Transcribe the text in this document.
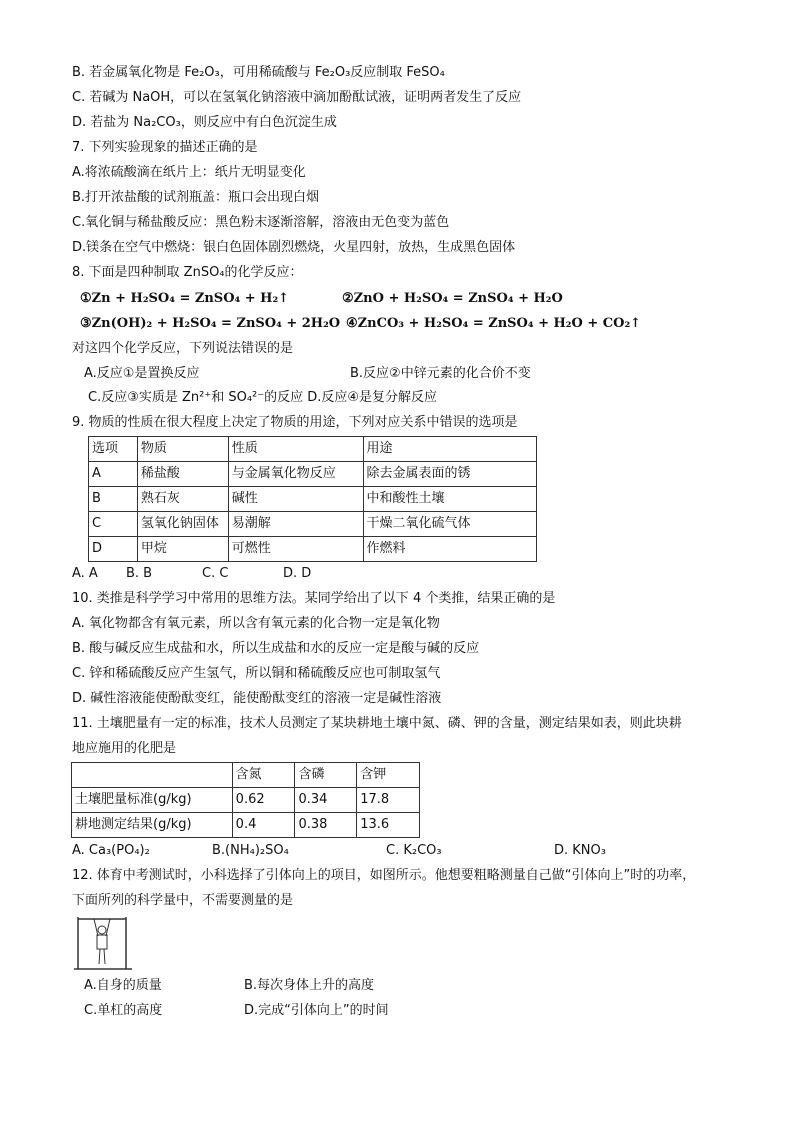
B. 若金属氧化物是 Fe₂O₃，可用稀硫酸与 Fe₂O₃反应制取 FeSO₄
C. 若碱为 NaOH，可以在氢氧化钠溶液中滴加酚酞试液，证明两者发生了反应
D. 若盐为 Na₂CO₃，则反应中有白色沉淀生成
7. 下列实验现象的描述正确的是
A.将浓硫酸滴在纸片上：纸片无明显变化
B.打开浓盐酸的试剂瓶盖：瓶口会出现白烟
C.氧化铜与稀盐酸反应：黑色粉末逐渐溶解，溶液由无色变为蓝色
D.镁条在空气中燃烧：银白色固体剧烈燃烧，火星四射，放热，生成黑色固体
8. 下面是四种制取 ZnSO₄的化学反应：
①Zn + H₂SO₄ = ZnSO₄ + H₂↑	②ZnO + H₂SO₄ = ZnSO₄ + H₂O
③Zn(OH)₂ + H₂SO₄ = ZnSO₄ + 2H₂O ④ZnCO₃ + H₂SO₄ = ZnSO₄ + H₂O + CO₂↑
对这四个化学反应，下列说法错误的是
A.反应①是置换反应	B.反应②中锌元素的化合价不变
C.反应③实质是 Zn²⁺和 SO₄²⁻的反应 D.反应④是复分解反应
9. 物质的性质在很大程度上决定了物质的用途，下列对应关系中错误的选项是
选项	物质	性质	用途
A	稀盐酸	与金属氧化物反应	除去金属表面的锈
B	熟石灰	碱性	中和酸性土壤
C	氢氧化钠固体	易潮解	干燥二氧化硫气体
D	甲烷	可燃性	作燃料
A. A B. B	C. C	D. D
10. 类推是科学学习中常用的思维方法。某同学给出了以下 4 个类推，结果正确的是
A. 氧化物都含有氧元素，所以含有氧元素的化合物一定是氧化物
B. 酸与碱反应生成盐和水，所以生成盐和水的反应一定是酸与碱的反应
C. 锌和稀硫酸反应产生氢气，所以铜和稀硫酸反应也可制取氢气
D. 碱性溶液能使酚酞变红，能使酚酞变红的溶液一定是碱性溶液
11. 土壤肥量有一定的标准，技术人员测定了某块耕地土壤中氮、磷、钾的含量，测定结果如表，则此块耕
地应施用的化肥是
	含氮	含磷	含钾
土壤肥量标准(g/kg)	0.62	0.34	17.8
耕地测定结果(g/kg)	0.4	0.38	13.6
A. Ca₃(PO₄)₂	B.(NH₄)₂SO₄	C. K₂CO₃	D. KNO₃
12. 体育中考测试时，小科选择了引体向上的项目，如图所示。他想要粗略测量自己做“引体向上”时的功率，
下面所列的科学量中，不需要测量的是
A.自身的质量	B.每次身体上升的高度
C.单杠的高度	D.完成“引体向上”的时间
